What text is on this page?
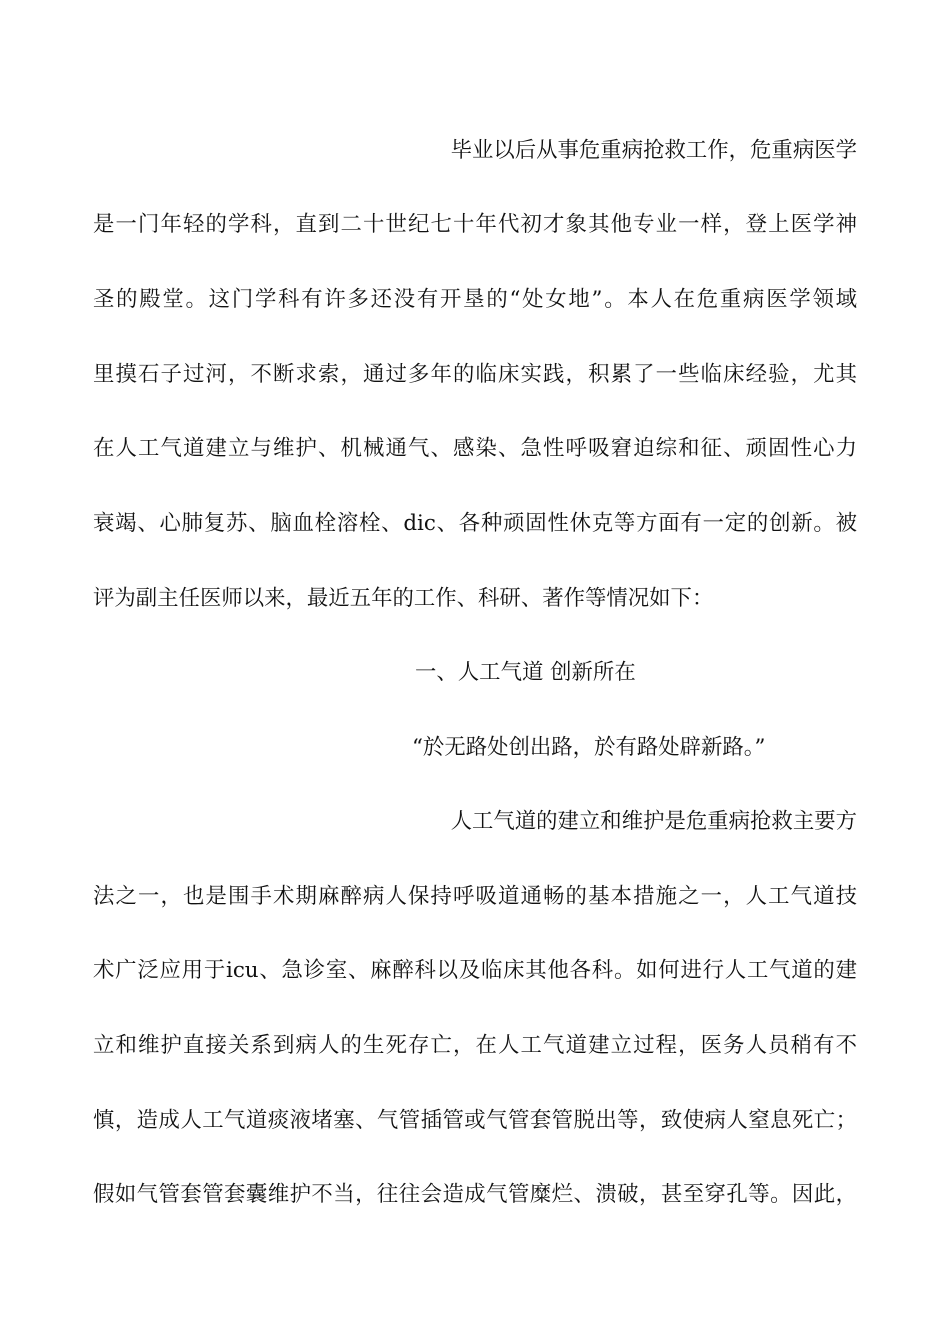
毕业以后从事危重病抢救工作，危重病医学
是一门年轻的学科，直到二十世纪七十年代初才象其他专业一样，登上医学神
圣的殿堂。这门学科有许多还没有开垦的“处女地”。本人在危重病医学领域
里摸石子过河，不断求索，通过多年的临床实践，积累了一些临床经验，尤其
在人工气道建立与维护、机械通气、感染、急性呼吸窘迫综和征、顽固性心力
衰竭、心肺复苏、脑血栓溶栓、dic、各种顽固性休克等方面有一定的创新。被
评为副主任医师以来，最近五年的工作、科研、著作等情况如下：
一、人工气道 创新所在
“於无路处创出路，於有路处辟新路。”
人工气道的建立和维护是危重病抢救主要方
法之一，也是围手术期麻醉病人保持呼吸道通畅的基本措施之一，人工气道技
术广泛应用于icu、急诊室、麻醉科以及临床其他各科。如何进行人工气道的建
立和维护直接关系到病人的生死存亡，在人工气道建立过程，医务人员稍有不
慎，造成人工气道痰液堵塞、气管插管或气管套管脱出等，致使病人窒息死亡；
假如气管套管套囊维护不当，往往会造成气管糜烂、溃破，甚至穿孔等。因此，
